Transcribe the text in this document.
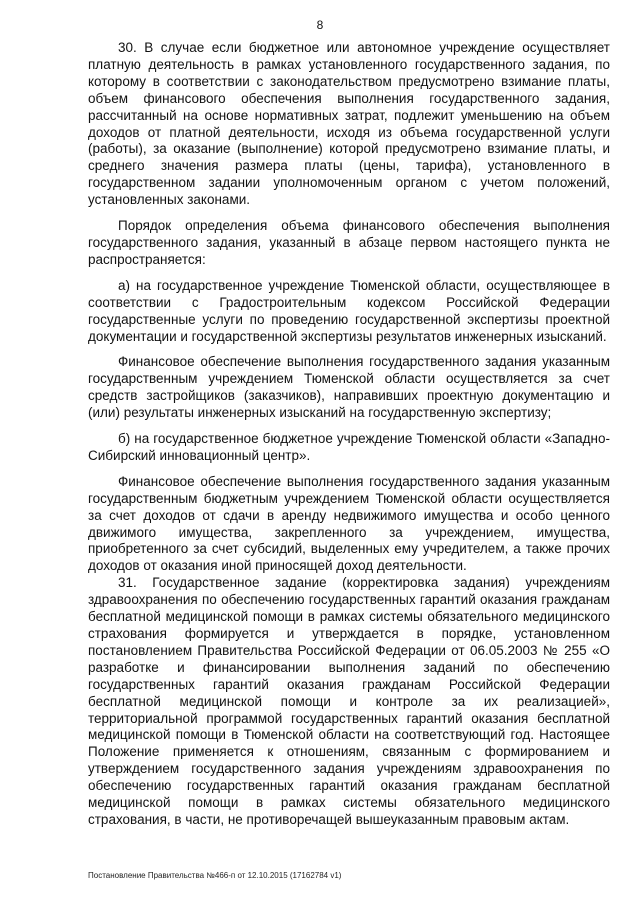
8

30. В случае если бюджетное или автономное учреждение осуществляет платную деятельность в рамках установленного государственного задания, по которому в соответствии с законодательством предусмотрено взимание платы, объем финансового обеспечения выполнения государственного задания, рассчитанный на основе нормативных затрат, подлежит уменьшению на объем доходов от платной деятельности, исходя из объема государственной услуги (работы), за оказание (выполнение) которой предусмотрено взимание платы, и среднего значения размера платы (цены, тарифа), установленного в государственном задании уполномоченным органом с учетом положений, установленных законами.

Порядок определения объема финансового обеспечения выполнения государственного задания, указанный в абзаце первом настоящего пункта не распространяется:

а) на государственное учреждение Тюменской области, осуществляющее в соответствии с Градостроительным кодексом Российской Федерации государственные услуги по проведению государственной экспертизы проектной документации и государственной экспертизы результатов инженерных изысканий.

Финансовое обеспечение выполнения государственного задания указанным государственным учреждением Тюменской области осуществляется за счет средств застройщиков (заказчиков), направивших проектную документацию и (или) результаты инженерных изысканий на государственную экспертизу;

б) на государственное бюджетное учреждение Тюменской области «Западно-Сибирский инновационный центр».

Финансовое обеспечение выполнения государственного задания указанным государственным бюджетным учреждением Тюменской области осуществляется за счет доходов от сдачи в аренду недвижимого имущества и особо ценного движимого имущества, закрепленного за учреждением, имущества, приобретенного за счет субсидий, выделенных ему учредителем, а также прочих доходов от оказания иной приносящей доход деятельности.

31. Государственное задание (корректировка задания) учреждениям здравоохранения по обеспечению государственных гарантий оказания гражданам бесплатной медицинской помощи в рамках системы обязательного медицинского страхования формируется и утверждается в порядке, установленном постановлением Правительства Российской Федерации от 06.05.2003 № 255 «О разработке и финансировании выполнения заданий по обеспечению государственных гарантий оказания гражданам Российской Федерации бесплатной медицинской помощи и контроле за их реализацией», территориальной программой государственных гарантий оказания бесплатной медицинской помощи в Тюменской области на соответствующий год. Настоящее Положение применяется к отношениям, связанным с формированием и утверждением государственного задания учреждениям здравоохранения по обеспечению государственных гарантий оказания гражданам бесплатной медицинской помощи в рамках системы обязательного медицинского страхования, в части, не противоречащей вышеуказанным правовым актам.

Постановление Правительства №466-п от 12.10.2015 (17162784 v1)
